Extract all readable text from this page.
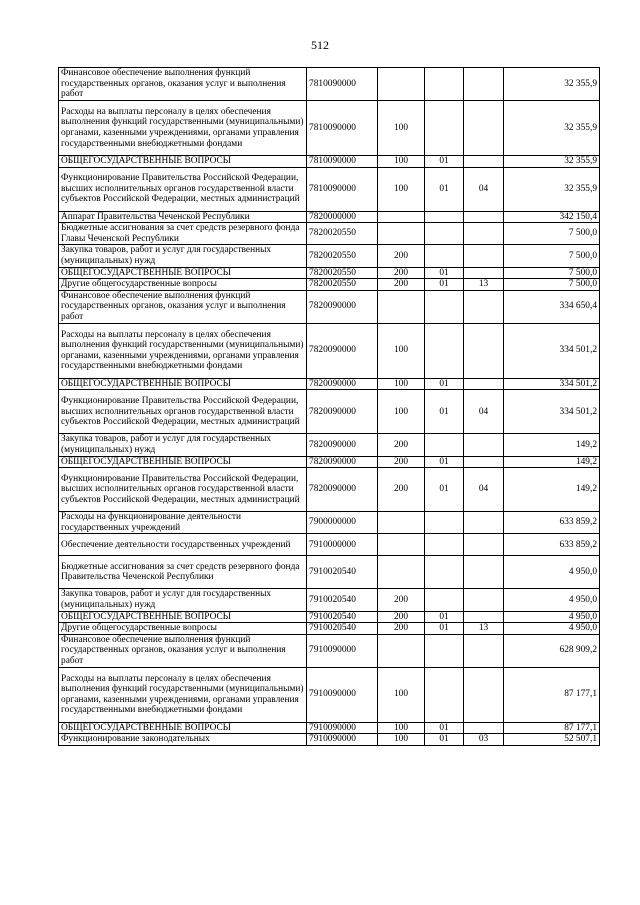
512
Финансовое обеспечение выполнения функций государственных органов, оказания услуг и выполнения работ	7810090000				32 355,9
Расходы на выплаты персоналу в целях обеспечения выполнения функций государственными (муниципальными) органами, казенными учреждениями, органами управления государственными внебюджетными фондами	7810090000	100			32 355,9
ОБЩЕГОСУДАРСТВЕННЫЕ ВОПРОСЫ	7810090000	100	01		32 355,9
Функционирование Правительства Российской Федерации, высших исполнительных органов государственной власти субъектов Российской Федерации, местных администраций	7810090000	100	01	04	32 355,9
Аппарат Правительства Чеченской Республики	7820000000				342 150,4
Бюджетные ассигнования за счет средств резервного фонда Главы Чеченской Республики	7820020550				7 500,0
Закупка товаров, работ и услуг для государственных (муниципальных) нужд	7820020550	200			7 500,0
ОБЩЕГОСУДАРСТВЕННЫЕ ВОПРОСЫ	7820020550	200	01		7 500,0
Другие общегосударственные вопросы	7820020550	200	01	13	7 500,0
Финансовое обеспечение выполнения функций государственных органов, оказания услуг и выполнения работ	7820090000				334 650,4
Расходы на выплаты персоналу в целях обеспечения выполнения функций государственными (муниципальными) органами, казенными учреждениями, органами управления государственными внебюджетными фондами	7820090000	100			334 501,2
ОБЩЕГОСУДАРСТВЕННЫЕ ВОПРОСЫ	7820090000	100	01		334 501,2
Функционирование Правительства Российской Федерации, высших исполнительных органов государственной власти субъектов Российской Федерации, местных администраций	7820090000	100	01	04	334 501,2
Закупка товаров, работ и услуг для государственных (муниципальных) нужд	7820090000	200			149,2
ОБЩЕГОСУДАРСТВЕННЫЕ ВОПРОСЫ	7820090000	200	01		149,2
Функционирование Правительства Российской Федерации, высших исполнительных органов государственной власти субъектов Российской Федерации, местных администраций	7820090000	200	01	04	149,2
Расходы на функционирование деятельности государственных учреждений	7900000000				633 859,2
Обеспечение деятельности государственных учреждений	7910000000				633 859,2
Бюджетные ассигнования за счет средств резервного фонда Правительства Чеченской Республики	7910020540				4 950,0
Закупка товаров, работ и услуг для государственных (муниципальных) нужд	7910020540	200			4 950,0
ОБЩЕГОСУДАРСТВЕННЫЕ ВОПРОСЫ	7910020540	200	01		4 950,0
Другие общегосударственные вопросы	7910020540	200	01	13	4 950,0
Финансовое обеспечение выполнения функций государственных органов, оказания услуг и выполнения работ	7910090000				628 909,2
Расходы на выплаты персоналу в целях обеспечения выполнения функций государственными (муниципальными) органами, казенными учреждениями, органами управления государственными внебюджетными фондами	7910090000	100			87 177,1
ОБЩЕГОСУДАРСТВЕННЫЕ ВОПРОСЫ	7910090000	100	01		87 177,1
Функционирование законодательных	7910090000	100	01	03	52 507,1
